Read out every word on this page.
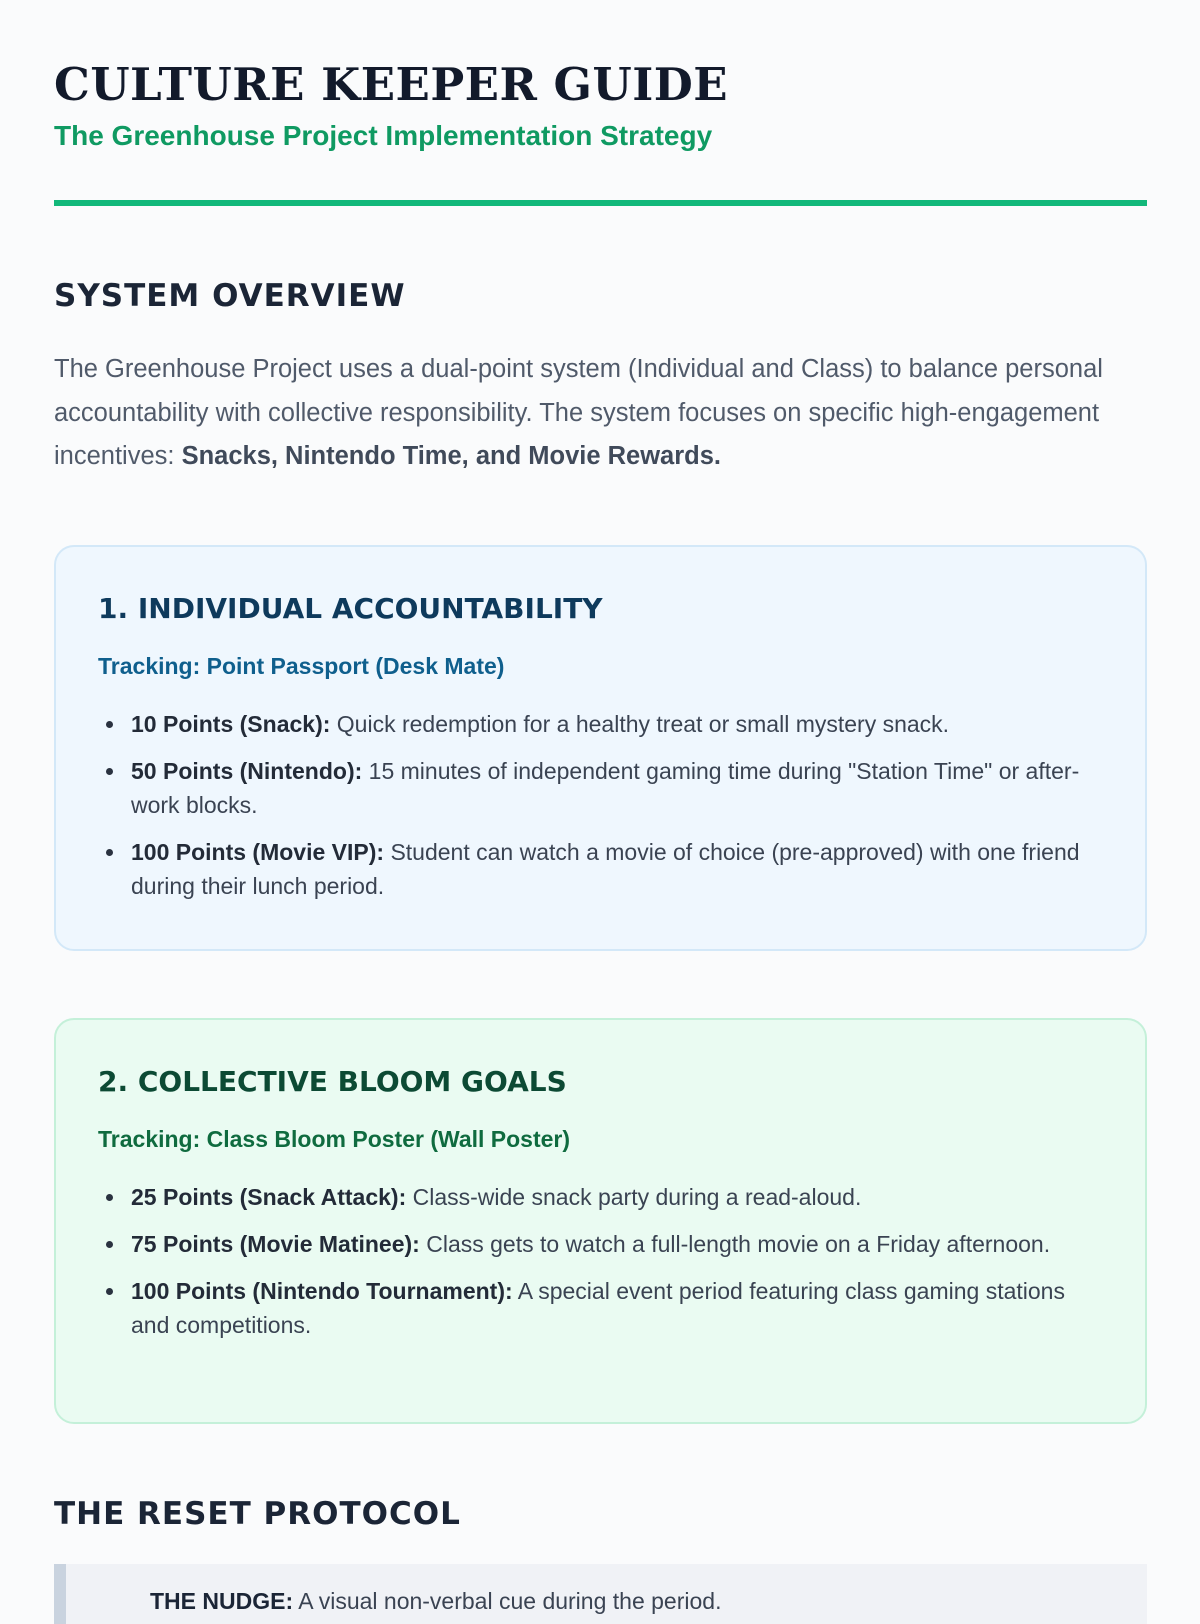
CULTURE KEEPER GUIDE
The Greenhouse Project Implementation Strategy
SYSTEM OVERVIEW

The Greenhouse Project uses a dual-point system (Individual and Class) to balance personal accountability with collective responsibility. The system focuses on specific high-engagement incentives: Snacks, Nintendo Time, and Movie Rewards.

1. INDIVIDUAL ACCOUNTABILITY

Tracking: Point Passport (Desk Mate)

10 Points (Snack): Quick redemption for a healthy treat or small mystery snack.
50 Points (Nintendo): 15 minutes of independent gaming time during "Station Time" or after-work blocks.
100 Points (Movie VIP): Student can watch a movie of choice (pre-approved) with one friend during their lunch period.
2. COLLECTIVE BLOOM GOALS

Tracking: Class Bloom Poster (Wall Poster)

25 Points (Snack Attack): Class-wide snack party during a read-aloud.
75 Points (Movie Matinee): Class gets to watch a full-length movie on a Friday afternoon.
100 Points (Nintendo Tournament): A special event period featuring class gaming stations and competitions.
THE RESET PROTOCOL

THE NUDGE: A visual non-verbal cue during the period.
